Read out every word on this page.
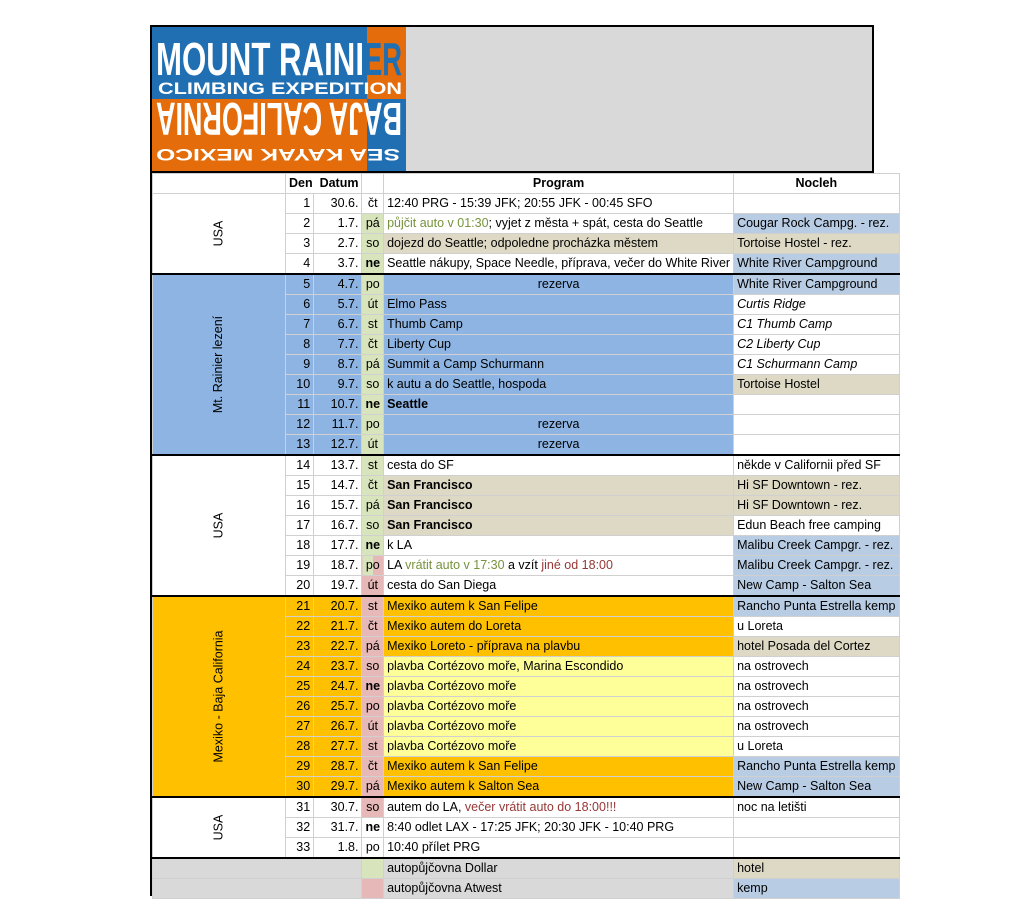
MOUNT RAINI ER
CLIMBING EXPEDITION
SEA KAYAK MEXICO
BAJA CALIFORNIA
	Den Datum			Program	Nocleh
USA	1	30.6.	čt	12:40 PRG - 15:39 JFK; 20:55 JFK - 00:45 SFO	
	2	1.7.	pá	půjčit auto v 01:30; vyjet z města + spát, cesta do Seattle	Cougar Rock Campg. - rez.
	3	2.7.	so	dojezd do Seattle; odpoledne procházka městem	Tortoise Hostel - rez.
	4	3.7.	ne	Seattle nákupy, Space Needle, příprava, večer do White River	White River Campground
Mt. Rainier lezení	5	4.7.	po	rezerva	White River Campground
	6	5.7.	út	Elmo Pass	Curtis Ridge
	7	6.7.	st	Thumb Camp	C1 Thumb Camp
	8	7.7.	čt	Liberty Cup	C2 Liberty Cup
	9	8.7.	pá	Summit a Camp Schurmann	C1 Schurmann Camp
	10	9.7.	so	k autu a do Seattle, hospoda	Tortoise Hostel
	11	10.7.	ne	Seattle	
	12	11.7.	po	rezerva	
	13	12.7.	út	rezerva	
USA	14	13.7.	st	cesta do SF	někde v Californii před SF
	15	14.7.	čt	San Francisco	Hi SF Downtown - rez.
	16	15.7.	pá	San Francisco	Hi SF Downtown - rez.
	17	16.7.	so	San Francisco	Edun Beach free camping
	18	17.7.	ne	k LA	Malibu Creek Campgr. - rez.
	19	18.7.	po	LA vrátit auto v 17:30 a vzít jiné od 18:00	Malibu Creek Campgr. - rez.
	20	19.7.	út	cesta do San Diega	New Camp - Salton Sea
Mexiko - Baja California	21	20.7.	st	Mexiko autem k San Felipe	Rancho Punta Estrella kemp
	22	21.7.	čt	Mexiko autem do Loreta	u Loreta
	23	22.7.	pá	Mexiko Loreto - příprava na plavbu	hotel Posada del Cortez
	24	23.7.	so	plavba Cortézovo moře, Marina Escondido	na ostrovech
	25	24.7.	ne	plavba Cortézovo moře	na ostrovech
	26	25.7.	po	plavba Cortézovo moře	na ostrovech
	27	26.7.	út	plavba Cortézovo moře	na ostrovech
	28	27.7.	st	plavba Cortézovo moře	u Loreta
	29	28.7.	čt	Mexiko autem k San Felipe	Rancho Punta Estrella kemp
	30	29.7.	pá	Mexiko autem k Salton Sea	New Camp - Salton Sea
USA	31	30.7.	so	autem do LA, večer vrátit auto do 18:00!!!	noc na letišti
	32	31.7.	ne	8:40 odlet LAX - 17:25 JFK; 20:30 JFK - 10:40 PRG	
	33	1.8.	po	10:40 přílet PRG	
				autopůjčovna Dollar	hotel
				autopůjčovna Atwest	kemp
